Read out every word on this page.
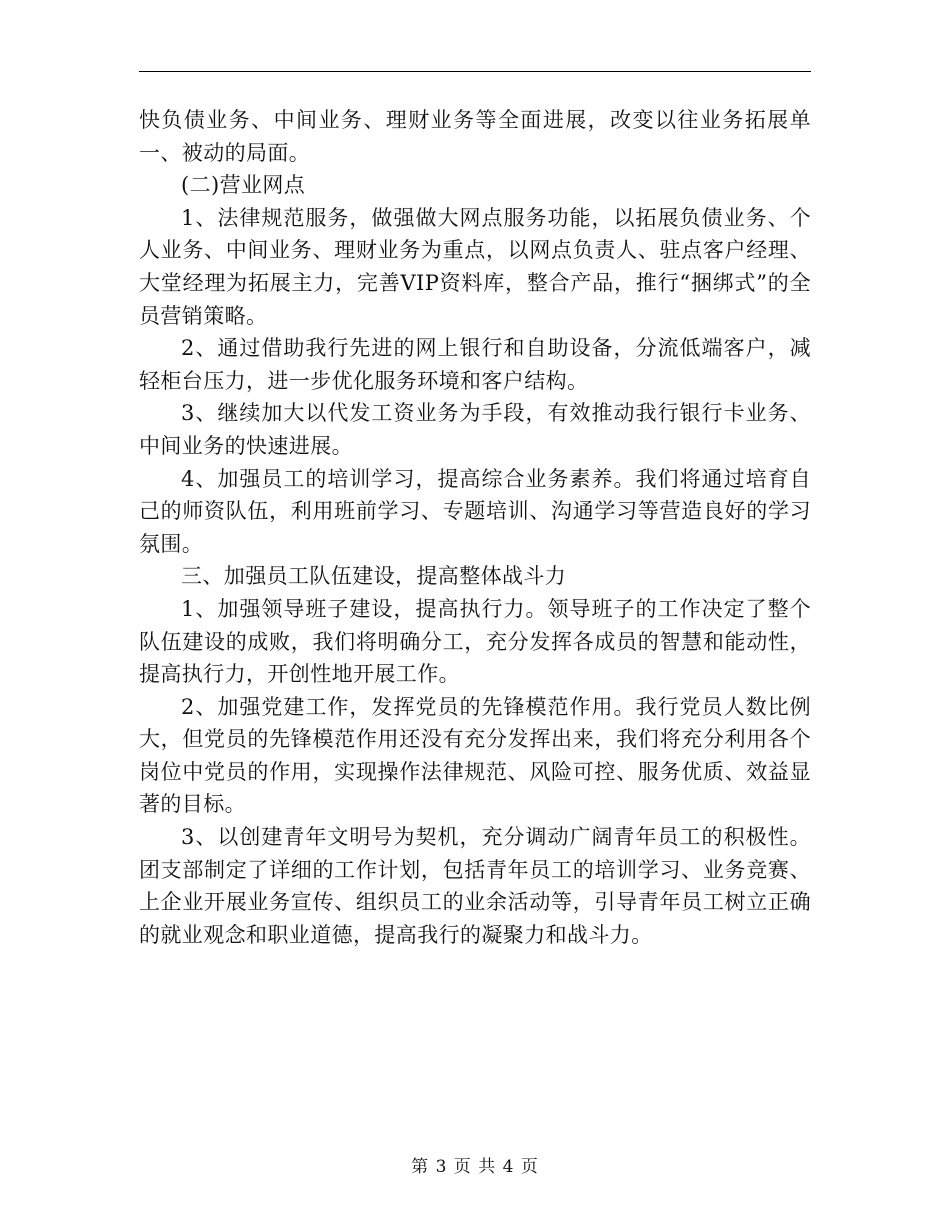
快负债业务、中间业务、理财业务等全面进展，改变以往业务拓展单一、被动的局面。

(二)营业网点

1、法律规范服务，做强做大网点服务功能，以拓展负债业务、个人业务、中间业务、理财业务为重点，以网点负责人、驻点客户经理、大堂经理为拓展主力，完善VIP资料库，整合产品，推行“捆绑式”的全员营销策略。

2、通过借助我行先进的网上银行和自助设备，分流低端客户，减轻柜台压力，进一步优化服务环境和客户结构。

3、继续加大以代发工资业务为手段，有效推动我行银行卡业务、中间业务的快速进展。

4、加强员工的培训学习，提高综合业务素养。我们将通过培育自己的师资队伍，利用班前学习、专题培训、沟通学习等营造良好的学习氛围。

三、加强员工队伍建设，提高整体战斗力

1、加强领导班子建设，提高执行力。领导班子的工作决定了整个队伍建设的成败，我们将明确分工，充分发挥各成员的智慧和能动性，提高执行力，开创性地开展工作。

2、加强党建工作，发挥党员的先锋模范作用。我行党员人数比例大，但党员的先锋模范作用还没有充分发挥出来，我们将充分利用各个岗位中党员的作用，实现操作法律规范、风险可控、服务优质、效益显著的目标。

3、以创建青年文明号为契机，充分调动广阔青年员工的积极性。团支部制定了详细的工作计划，包括青年员工的培训学习、业务竞赛、上企业开展业务宣传、组织员工的业余活动等，引导青年员工树立正确的就业观念和职业道德，提高我行的凝聚力和战斗力。

第 3 页 共 4 页
